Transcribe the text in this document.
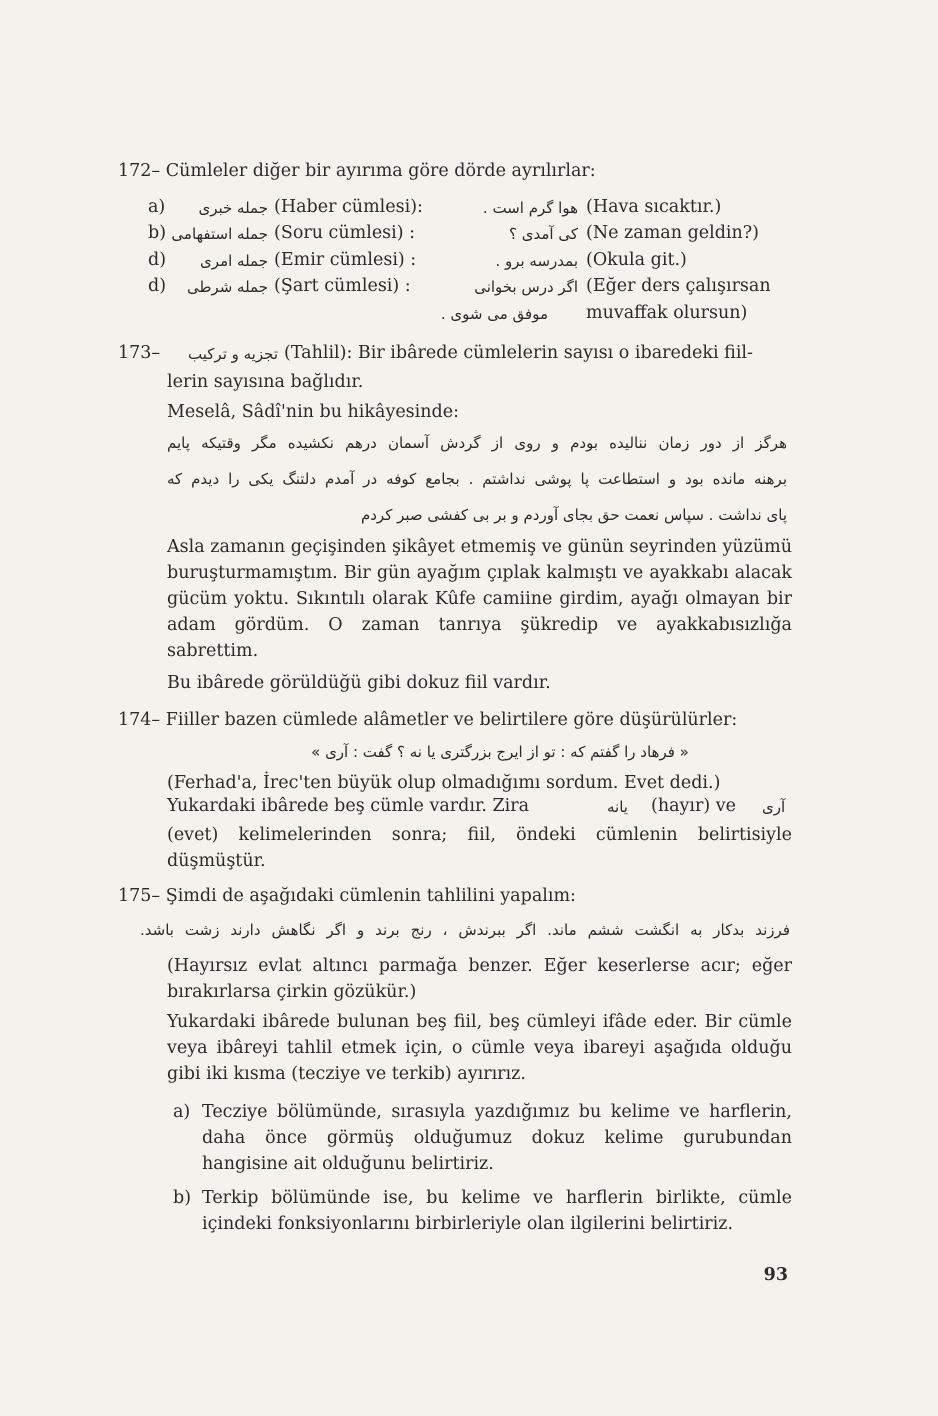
172– Cümleler diğer bir ayırıma göre dörde ayrılırlar:
a) جمله خبری (Haber cümlesi):	هوا گرم است . (Hava sıcaktır.)
b) جمله استفهامی (Soru cümlesi) :	کی آمدی ؟ (Ne zaman geldin?)
d) جمله امری (Emir cümlesi) :	بمدرسه برو . (Okula git.)
d) جمله شرطی (Şart cümlesi) :	اگر درس بخوانی (Eğer ders çalışırsan
موفق می شوی . muvaffak olursun)
173– تجزیه و ترکیب (Tahlil): Bir ibârede cümlelerin sayısı o ibaredeki fiil-
lerin sayısına bağlıdır.
Meselâ, Sâdî'nin bu hikâyesinde:
هرگز از دور زمان نناليده بودم و روی از گردش آسمان درهم نکشيده مگر وقتيکه پايم
برهنه مانده بود و استطاعت پا پوشی نداشتم . بجامع کوفه در آمدم دلتنگ يکی را ديدم که
پای نداشت . سپاس نعمت حق بجای آوردم و بر بی کفشی صبر کردم
Asla zamanın geçişinden şikâyet etmemiş ve günün seyrinden yüzümü buruşturmamıştım. Bir gün ayağım çıplak kalmıştı ve ayakkabı alacak gücüm yoktu. Sıkıntılı olarak Kûfe camiine girdim, ayağı olmayan bir adam gördüm. O zaman tanrıya şükredip ve ayakkabısızlığa sabrettim.
Bu ibârede görüldüğü gibi dokuz fiil vardır.
174– Fiiller bazen cümlede alâmetler ve belirtilere göre düşürülürler:
« فرهاد را گفتم که : تو از ایرج بزرگتری یا نه ؟ گفت : آری »
(Ferhad'a, İrec'ten büyük olup olmadığımı sordum. Evet dedi.)
Yukardaki ibârede beş cümle vardır. Zira	یانه (hayır) ve آری
(evet) kelimelerinden sonra; fiil, öndeki cümlenin belirtisiyle düşmüştür.
175– Şimdi de aşağıdaki cümlenin tahlilini yapalım:
فرزند بدکار به انگشت ششم ماند. اگر ببرندش ، رنج برند و اگر نگاهش دارند زشت باشد.
(Hayırsız evlat altıncı parmağa benzer. Eğer keserlerse acır; eğer bırakırlarsa çirkin gözükür.)
Yukardaki ibârede bulunan beş fiil, beş cümleyi ifâde eder. Bir cümle veya ibâreyi tahlil etmek için, o cümle veya ibareyi aşağıda olduğu gibi iki kısma (tecziye ve terkib) ayırırız.
a) Tecziye bölümünde, sırasıyla yazdığımız bu kelime ve harflerin, daha önce görmüş olduğumuz dokuz kelime gurubundan hangisine ait olduğunu belirtiriz.
b) Terkip bölümünde ise, bu kelime ve harflerin birlikte, cümle içindeki fonksiyonlarını birbirleriyle olan ilgilerini belirtiriz.
93
